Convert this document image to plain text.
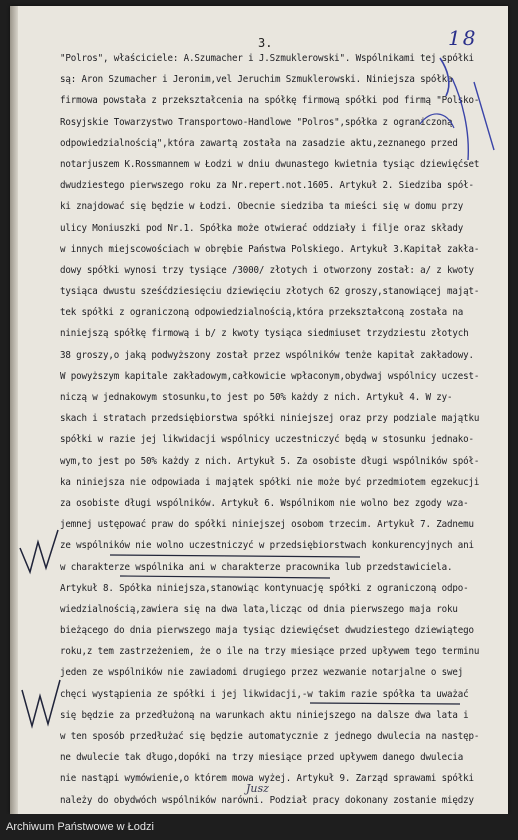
3.	18
"Polros", właściciele: A.Szumacher i J.Szmuklerowski". Wspólnikami tej spółki
są: Aron Szumacher i Jeronim,vel Jeruchim Szmuklerowski. Niniejsza spółka
firmowa powstała z przekształcenia na spółkę firmową spółki pod firmą "Polsko-
Rosyjskie Towarzystwo Transportowo-Handlowe "Polros",spółka z ograniczoną
odpowiedzialnością",która zawartą została na zasadzie aktu,zeznanego przed
notarjuszem K.Rossmannem w Łodzi w dniu dwunastego kwietnia tysiąc dziewięćset
dwudziestego pierwszego roku za Nr.repert.not.1605. Artykuł 2. Siedziba spół-
ki znajdować się będzie w Łodzi. Obecnie siedziba ta mieści się w domu przy
ulicy Moniuszki pod Nr.1. Spółka może otwierać oddziały i filje oraz składy
w innych miejscowościach w obrębie Państwa Polskiego. Artykuł 3.Kapitał zakła-
dowy spółki wynosi trzy tysiące /3000/ złotych i otworzony został: a/ z kwoty
tysiąca dwustu sześćdziesięciu dziewięciu złotych 62 groszy,stanowiącej mająt-
tek spółki z ograniczoną odpowiedzialnością,która przekształconą została na
niniejszą spółkę firmową i b/ z kwoty tysiąca siedmiuset trzydziestu złotych
38 groszy,o jaką podwyższony został przez wspólników tenże kapitał zakładowy.
W powyższym kapitale zakładowym,całkowicie wpłaconym,obydwaj wspólnicy uczest-
niczą w jednakowym stosunku,to jest po 50% każdy z nich. Artykuł 4. W zy-
skach i stratach przedsiębiorstwa spółki niniejszej oraz przy podziale majątku
spółki w razie jej likwidacji wspólnicy uczestniczyć będą w stosunku jednako-
wym,to jest po 50% każdy z nich. Artykuł 5. Za osobiste długi wspólników spół-
ka niniejsza nie odpowiada i majątek spółki nie może być przedmiotem egzekucji
za osobiste długi wspólników. Artykuł 6. Wspólnikom nie wolno bez zgody wza-
jemnej ustępować praw do spółki niniejszej osobom trzecim. Artykuł 7. Żadnemu
ze wspólników nie wolno uczestniczyć w przedsiębiorstwach konkurencyjnych ani
w charakterze wspólnika ani w charakterze pracownika lub przedstawiciela.
Artykuł 8. Spółka niniejsza,stanowiąc kontynuację spółki z ograniczoną odpo-
wiedzialnością,zawiera się na dwa lata,licząc od dnia pierwszego maja roku
bieżącego do dnia pierwszego maja tysiąc dziewięćset dwudziestego dziewiątego
roku,z tem zastrzeżeniem, że o ile na trzy miesiące przed upływem tego terminu
jeden ze wspólników nie zawiadomi drugiego przez wezwanie notarjalne o swej
chęci wystąpienia ze spółki i jej likwidacji,-w takim razie spółka ta uważać
się będzie za przedłużoną na warunkach aktu niniejszego na dalsze dwa lata i
w ten sposób przedłużać się będzie automatycznie z jednego dwulecia na następ-
ne dwulecie tak długo,dopóki na trzy miesiące przed upływem danego dwulecia
nie nastąpi wymówienie,o którem mowa wyżej. Artykuł 9. Zarząd sprawami spółki
należy do obydwóch wspólników narówni. Podział pracy dokonany zostanie między
Jusz
Archiwum Państwowe w Łodzi
